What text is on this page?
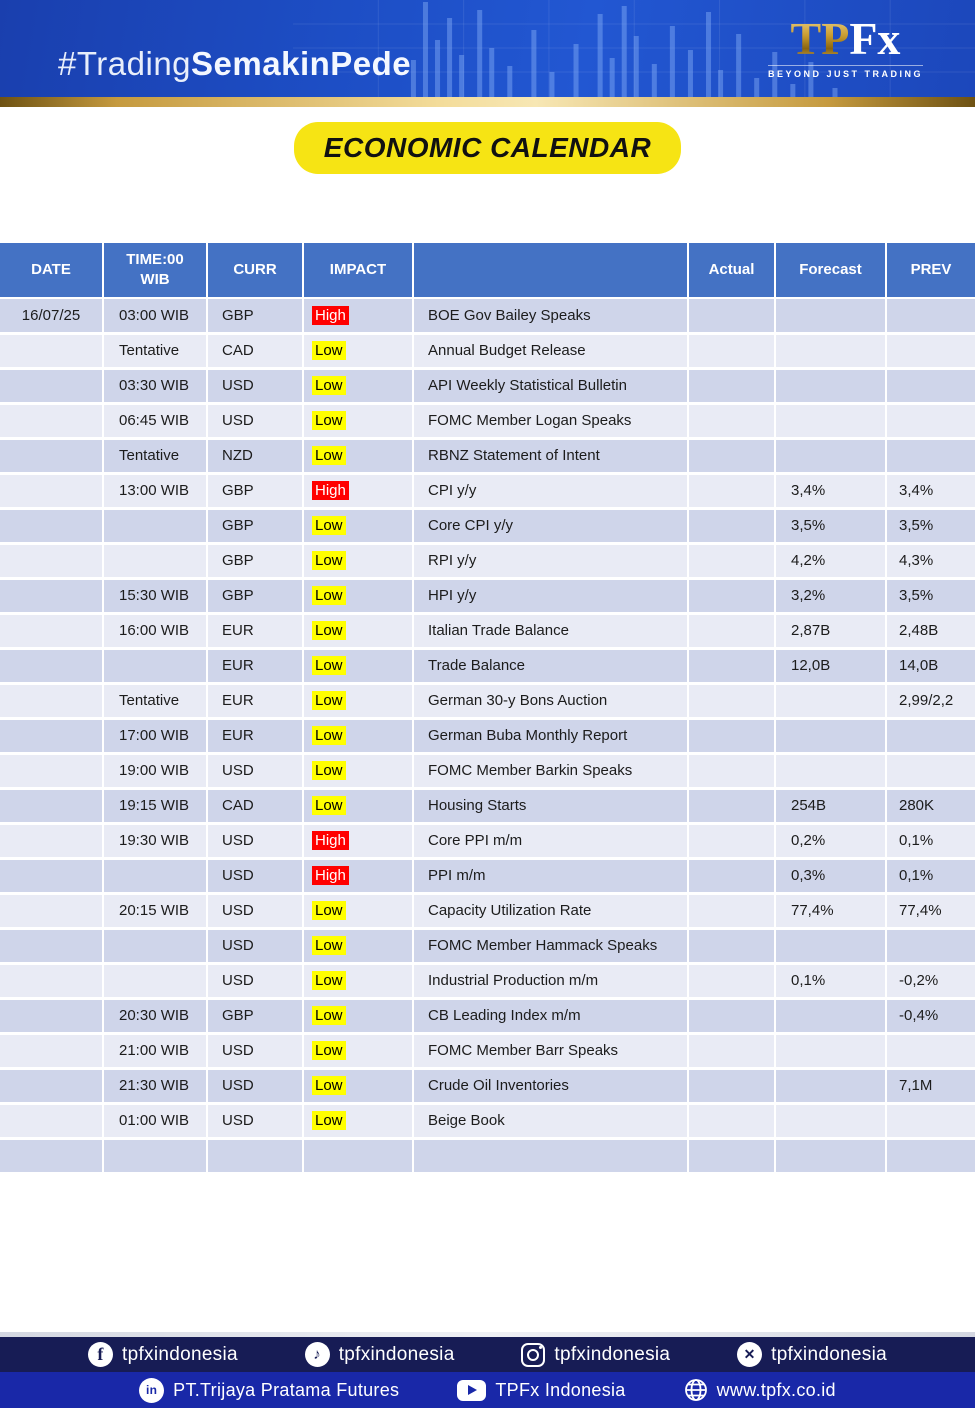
#TradingSemakinPede	TPFx
BEYOND JUST TRADING
ECONOMIC CALENDAR
DATE	TIME:00 WIB	CURR	IMPACT		Actual	Forecast	PREV
16/07/25	03:00 WIB	GBP	High	BOE Gov Bailey Speaks			
	Tentative	CAD	Low	Annual Budget Release			
	03:30 WIB	USD	Low	API Weekly Statistical Bulletin			
	06:45 WIB	USD	Low	FOMC Member Logan Speaks			
	Tentative	NZD	Low	RBNZ Statement of Intent			
	13:00 WIB	GBP	High	CPI y/y		3,4%	3,4%
		GBP	Low	Core CPI y/y		3,5%	3,5%
		GBP	Low	RPI y/y		4,2%	4,3%
	15:30 WIB	GBP	Low	HPI y/y		3,2%	3,5%
	16:00 WIB	EUR	Low	Italian Trade Balance		2,87B	2,48B
		EUR	Low	Trade Balance		12,0B	14,0B
	Tentative	EUR	Low	German 30-y Bons Auction			2,99/2,2
	17:00 WIB	EUR	Low	German Buba Monthly Report			
	19:00 WIB	USD	Low	FOMC Member Barkin Speaks			
	19:15 WIB	CAD	Low	Housing Starts		254B	280K
	19:30 WIB	USD	High	Core PPI m/m		0,2%	0,1%
		USD	High	PPI m/m		0,3%	0,1%
	20:15 WIB	USD	Low	Capacity Utilization Rate		77,4%	77,4%
		USD	Low	FOMC Member Hammack Speaks			
		USD	Low	Industrial Production m/m		0,1%	-0,2%
	20:30 WIB	GBP	Low	CB Leading Index m/m			-0,4%
	21:00 WIB	USD	Low	FOMC Member Barr Speaks			
	21:30 WIB	USD	Low	Crude Oil Inventories			7,1M
	01:00 WIB	USD	Low	Beige Book			

f tpfxindonesia	♪ tpfxindonesia	tpfxindonesia	✕ tpfxindonesia
in PT.Trijaya Pratama Futures	TPFx Indonesia	www.tpfx.co.id
